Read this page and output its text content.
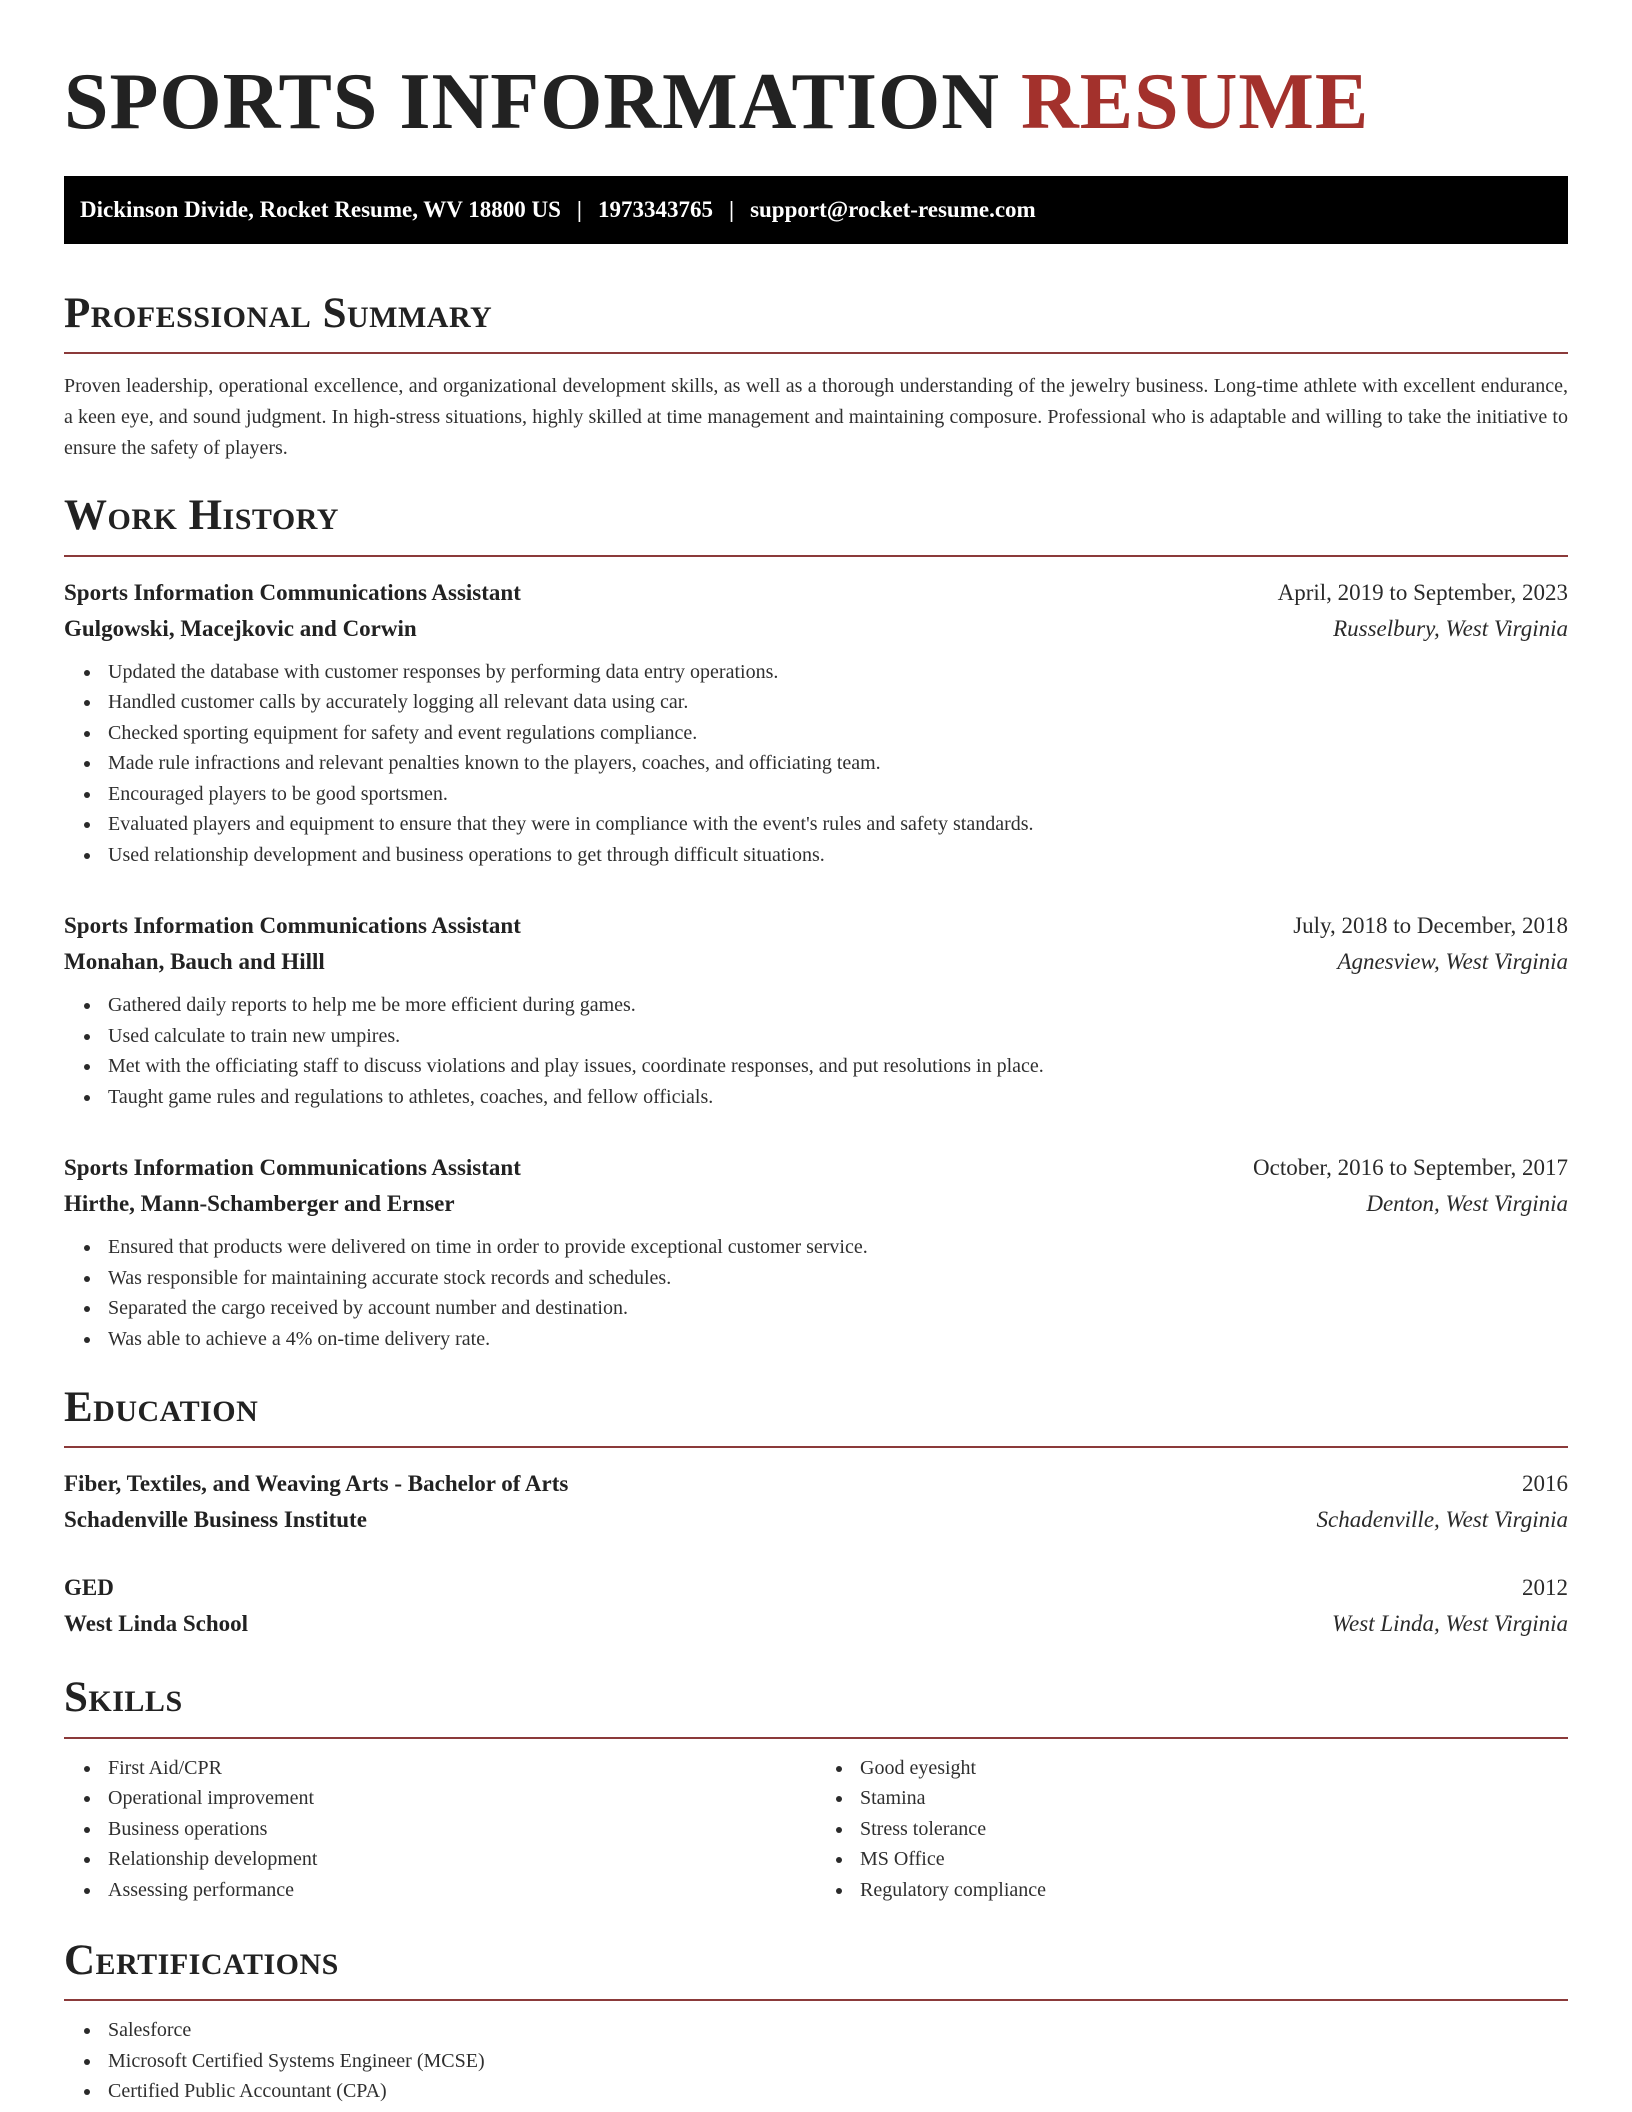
SPORTS INFORMATION RESUME
Dickinson Divide, Rocket Resume, WV 18800 US | 1973343765 | support@rocket-resume.com
Professional Summary

Proven leadership, operational excellence, and organizational development skills, as well as a thorough understanding of the jewelry business. Long-time athlete with excellent endurance, a keen eye, and sound judgment. In high-stress situations, highly skilled at time management and maintaining composure. Professional who is adaptable and willing to take the initiative to ensure the safety of players.

Work History
Sports Information Communications Assistant	April, 2019 to September, 2023
Gulgowski, Macejkovic and Corwin	Russelbury, West Virginia
Updated the database with customer responses by performing data entry operations.
Handled customer calls by accurately logging all relevant data using car.
Checked sporting equipment for safety and event regulations compliance.
Made rule infractions and relevant penalties known to the players, coaches, and officiating team.
Encouraged players to be good sportsmen.
Evaluated players and equipment to ensure that they were in compliance with the event's rules and safety standards.
Used relationship development and business operations to get through difficult situations.
Sports Information Communications Assistant	July, 2018 to December, 2018
Monahan, Bauch and Hilll	Agnesview, West Virginia
Gathered daily reports to help me be more efficient during games.
Used calculate to train new umpires.
Met with the officiating staff to discuss violations and play issues, coordinate responses, and put resolutions in place.
Taught game rules and regulations to athletes, coaches, and fellow officials.
Sports Information Communications Assistant	October, 2016 to September, 2017
Hirthe, Mann-Schamberger and Ernser	Denton, West Virginia
Ensured that products were delivered on time in order to provide exceptional customer service.
Was responsible for maintaining accurate stock records and schedules.
Separated the cargo received by account number and destination.
Was able to achieve a 4% on-time delivery rate.
Education
Fiber, Textiles, and Weaving Arts - Bachelor of Arts	2016
Schadenville Business Institute	Schadenville, West Virginia
GED	2012
West Linda School	West Linda, West Virginia
Skills
First Aid/CPR
Operational improvement
Business operations
Relationship development
Assessing performance
Good eyesight
Stamina
Stress tolerance
MS Office
Regulatory compliance
Certifications
Salesforce
Microsoft Certified Systems Engineer (MCSE)
Certified Public Accountant (CPA)
